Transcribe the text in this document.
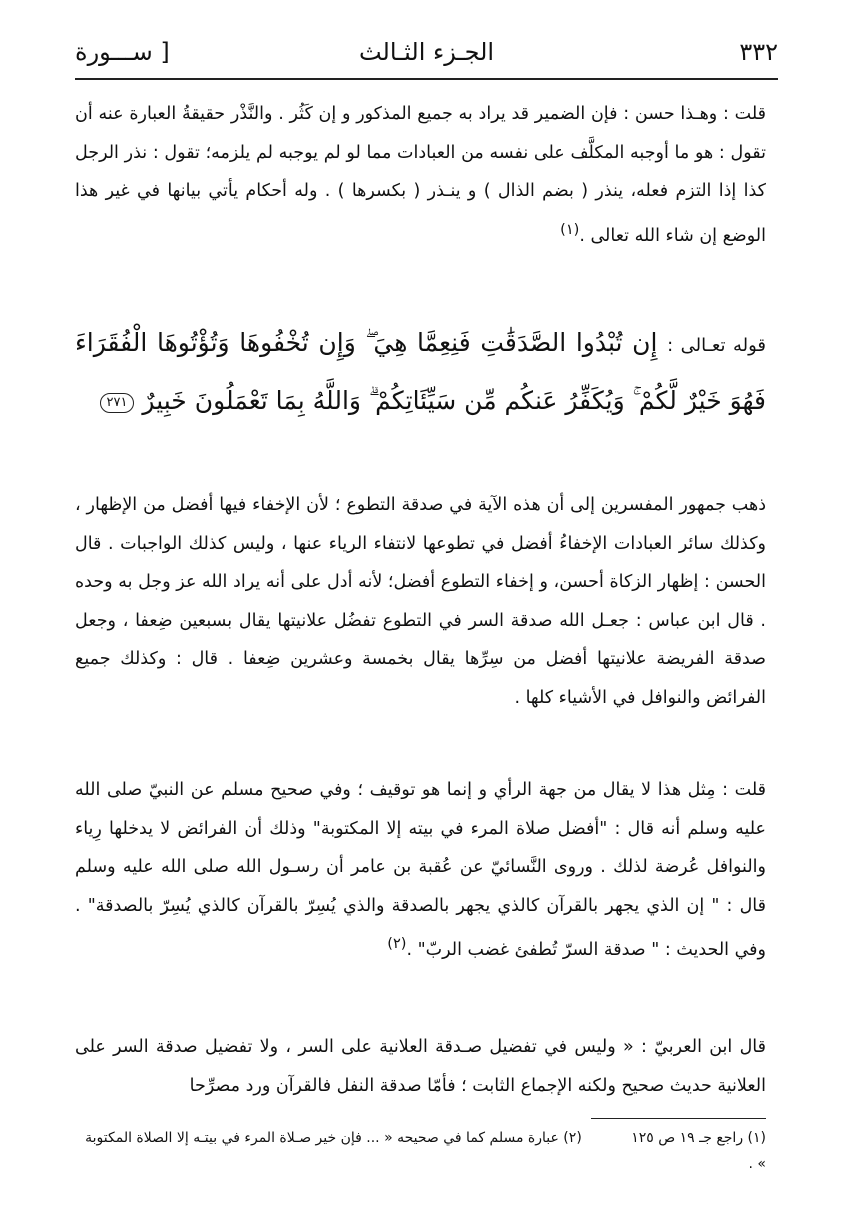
٣٣٢
الجـزء الثـالث
[ ســـورة

قلت : وهـذا حسن : فإن الضمير قد يراد به جميع المذكور و إن كَثُر . والنَّذْر حقيقةُ العبارة عنه أن تقول : هو ما أوجبه المكلَّف على نفسه من العبادات مما لو لم يوجبه لم يلزمه؛ تقول : نذر الرجل كذا إذا التزم فعله، ينذر ( بضم الذال ) و ينـذر ( بكسرها ) . وله أحكام يأتي بيانها في غير هذا الوضع إن شاء الله تعالى .$^{(١)}$

قوله تعـالى : إِن تُبْدُوا الصَّدَقَٰتِ فَنِعِمَّا هِيَ ۖ وَإِن تُخْفُوهَا وَتُؤْتُوهَا الْفُقَرَاءَ فَهُوَ خَيْرٌ لَّكُمْ ۚ وَيُكَفِّرُ عَنكُم مِّن سَيِّئَاتِكُمْ ۗ وَاللَّهُ بِمَا تَعْمَلُونَ خَبِيرٌ ٢٧١

ذهب جمهور المفسرين إلى أن هذه الآية في صدقة التطوع ؛ لأن الإخفاء فيها أفضل من الإظهار ، وكذلك سائر العبادات الإخفاءُ أفضل في تطوعها لانتفاء الرياء عنها ، وليس كذلك الواجبات . قال الحسن : إظهار الزكاة أحسن، و إخفاء التطوع أفضل؛ لأنه أدل على أنه يراد الله عز وجل به وحده . قال ابن عباس : جعـل الله صدقة السر في التطوع تفضُل علانيتها يقال بسبعين ضِعفا ، وجعل صدقة الفريضة علانيتها أفضل من سِرِّها يقال بخمسة وعشرين ضِعفا . قال : وكذلك جميع الفرائض والنوافل في الأشياء كلها .

قلت : مِثل هذا لا يقال من جهة الرأي و إنما هو توقيف ؛ وفي صحيح مسلم عن النبيّ صلى الله عليه وسلم أنه قال : "أفضل صلاة المرء في بيته إلا المكتوبة" وذلك أن الفرائض لا يدخلها رِياء والنوافل عُرضة لذلك . وروى النَّسائيّ عن عُقبة بن عامر أن رسـول الله صلى الله عليه وسلم قال : " إن الذي يجهر بالقرآن كالذي يجهر بالصدقة والذي يُسِرّ بالقرآن كالذي يُسِرّ بالصدقة" . وفي الحديث : " صدقة السرّ تُطفئ غضب الربّ" .$^{(٢)}$

قال ابن العربيّ : « وليس في تفضيل صـدقة العلانية على السر ، ولا تفضيل صدقة السر على العلانية حديث صحيح ولكنه الإجماع الثابت ؛ فأمّا صدقة النفل فالقرآن ورد مصرِّحا

(١) راجع جـ ١٩ ص ١٢٥ (٢) عبارة مسلم كما في صحيحه « ... فإن خير صـلاة المرء في بيتـه إلا الصلاة المكتوبة » .
